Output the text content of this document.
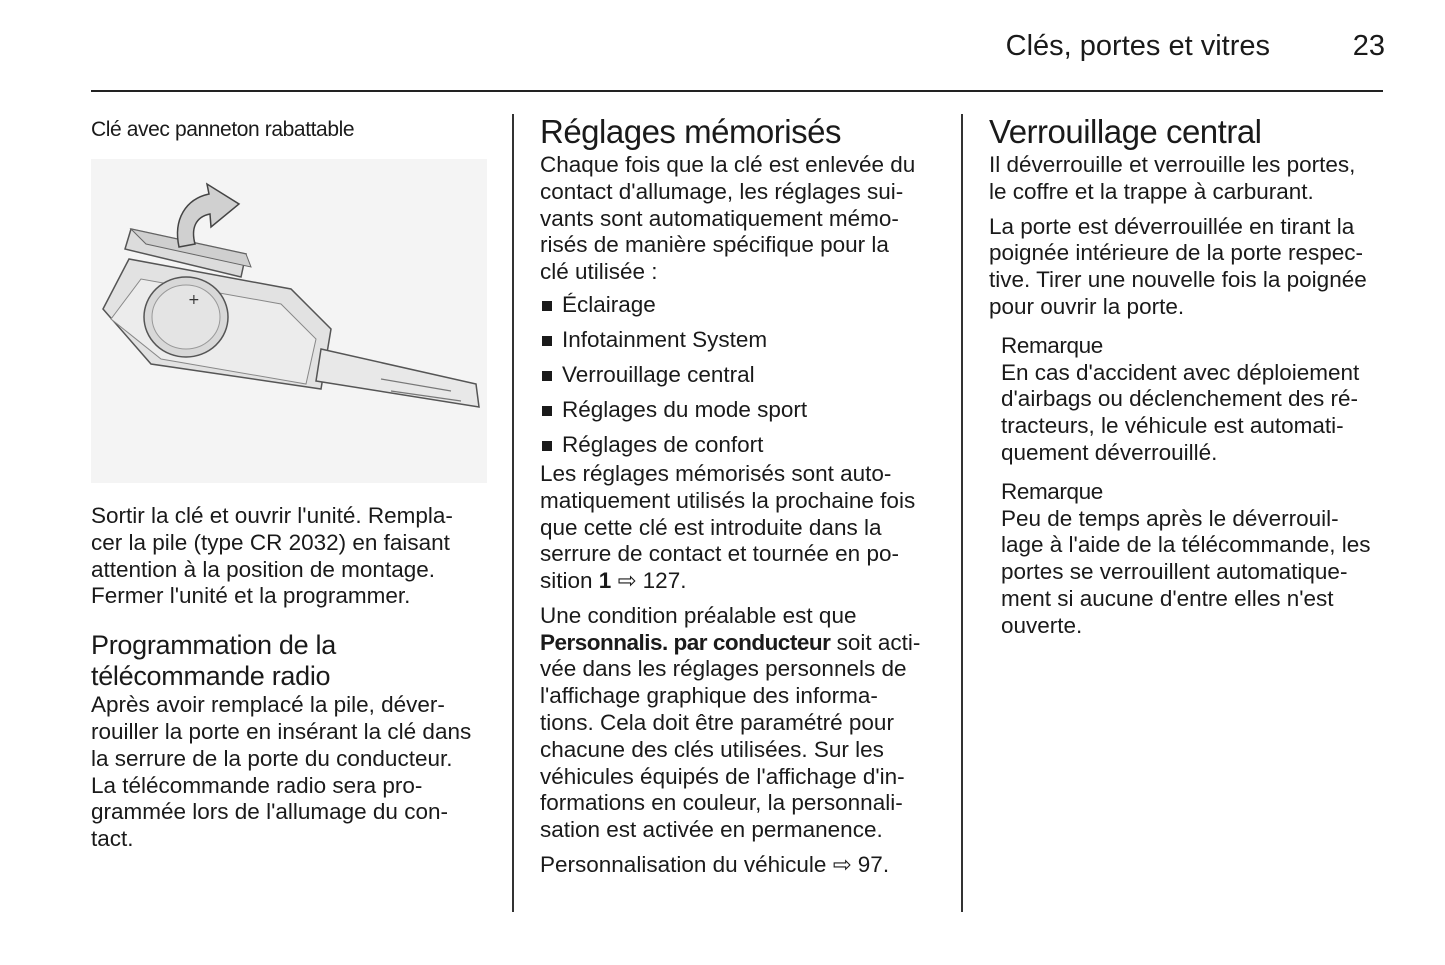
Clés, portes et vitres	23
Clé avec panneton rabattable
+

Sortir la clé et ouvrir l'unité. Rempla-
cer la pile (type CR 2032) en faisant
attention à la position de montage.
Fermer l'unité et la programmer.

Programmation de la
télécommande radio

Après avoir remplacé la pile, déver-
rouiller la porte en insérant la clé dans
la serrure de la porte du conducteur.
La télécommande radio sera pro-
grammée lors de l'allumage du con-
tact.

Réglages mémorisés

Chaque fois que la clé est enlevée du
contact d'allumage, les réglages sui-
vants sont automatiquement mémo-
risés de manière spécifique pour la
clé utilisée :

Éclairage
Infotainment System
Verrouillage central
Réglages du mode sport
Réglages de confort

Les réglages mémorisés sont auto-
matiquement utilisés la prochaine fois
que cette clé est introduite dans la
serrure de contact et tournée en po-
sition 1 ⇨ 127.

Une condition préalable est que
Personnalis. par conducteur soit acti-
vée dans les réglages personnels de
l'affichage graphique des informa-
tions. Cela doit être paramétré pour
chacune des clés utilisées. Sur les
véhicules équipés de l'affichage d'in-
formations en couleur, la personnali-
sation est activée en permanence.

Personnalisation du véhicule ⇨ 97.

Verrouillage central

Il déverrouille et verrouille les portes,
le coffre et la trappe à carburant.

La porte est déverrouillée en tirant la
poignée intérieure de la porte respec-
tive. Tirer une nouvelle fois la poignée
pour ouvrir la porte.

Remarque

En cas d'accident avec déploiement
d'airbags ou déclenchement des ré-
tracteurs, le véhicule est automati-
quement déverrouillé.

Remarque

Peu de temps après le déverrouil-
lage à l'aide de la télécommande, les
portes se verrouillent automatique-
ment si aucune d'entre elles n'est
ouverte.
